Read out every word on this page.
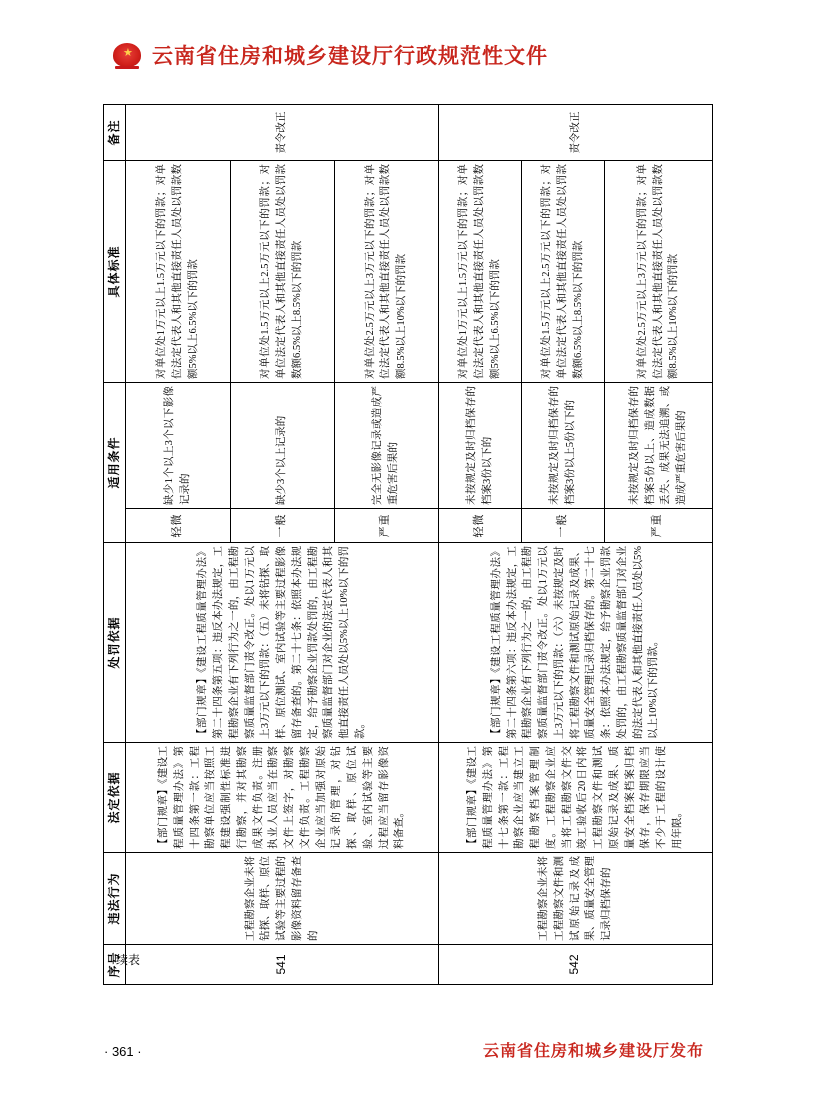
★ 云南省住房和城乡建设厅行政规范性文件
续表
序号	违法行为	法定依据	处罚依据	适用条件		具体标准	备注
541	工程勘察企业未将钻探、取样、原位试验等主要过程的影像资料留存备查的	【部门规章】《建设工程质量管理办法》第十四条第一款：工程勘察单位应当按照工程建设强制性标准进行勘察，并对其勘察成果文件负责。注册执业人员应当在勘察文件上签字，对勘察文件负责。工程勘察企业应当加强对原始记录的管理，对钻探、取样、原位试验、室内试验等主要过程应当留存影像资料备查。	【部门规章】《建设工程质量管理办法》第二十四条第五项：违反本办法规定，工程勘察企业有下列行为之一的，由工程勘察质量监督部门责令改正。处以1万元以上3万元以下的罚款：（五）未将钻探、取样、原位测试、室内试验等主要过程影像留存备查的。第二十七条：依照本办法规定，给予勘察企业罚款处罚的，由工程勘察质量监督部门对企业的法定代表人和其他直接责任人员处以5%以上10%以下的罚款。	轻微	缺少1个以上3个以下影像记录的	对单位处1万元以上1.5万元以下的罚款；对单位法定代表人和其他直接责任人员处以罚款数额5%以上6.5%以下的罚款	责令改正

				一般	缺少3个以上记录的	对单位处1.5万元以上2.5万元以下的罚款；对单位法定代表人和其他直接责任人员处以罚款数额6.5%以上8.5%以下的罚款	

				严重	完全无影像记录或造成严重危害后果的	对单位处2.5万元以上3万元以下的罚款；对单位法定代表人和其他直接责任人员处以罚款数额8.5%以上10%以下的罚款	

542	工程勘察企业未将工程勘察文件和测试原始记录及成果、质量安全管理记录归档保存的	【部门规章】《建设工程质量管理办法》第十七条第一款：工程勘察企业应当建立工程勘察档案管理制度。工程勘察企业应当将工程勘察文件交竣工验收后20日内将工程勘察文件和测试原始记录及成果、质量安全档案档案归档保存，保存期限应当不少于工程的设计使用年限。	【部门规章】《建设工程质量管理办法》第二十四条第六项：违反本办法规定，工程勘察企业有下列行为之一的，由工程勘察质量监督部门责令改正。处以1万元以上3万元以下的罚款：（六）未按规定及时将工程勘察文件和测试原始记录及成果、质量安全管理记录归档保存的。第二十七条：依照本办法规定，给予勘察企业罚款处罚的，由工程勘察质量监督部门对企业的法定代表人和其他直接责任人员处以5%以上10%以下的罚款。	轻微	未按规定及时归档保存的档案3份以下的	对单位处1万元以上1.5万元以下的罚款；对单位法定代表人和其他直接责任人员处以罚款数额5%以上6.5%以下的罚款	责令改正

				一般	未按规定及时归档保存的档案3份以上5份以下的	对单位处1.5万元以上2.5万元以下的罚款；对单位法定代表人和其他直接责任人员处以罚款数额6.5%以上8.5%以下的罚款	

				严重	未按规定及时归档保存的档案5份以上、造成数据丢失、成果无法追溯、或造成严重危害后果的	对单位处2.5万元以上3万元以下的罚款；对单位法定代表人和其他直接责任人员处以罚款数额8.5%以上10%以下的罚款	
· 361 ·	云南省住房和城乡建设厅发布
